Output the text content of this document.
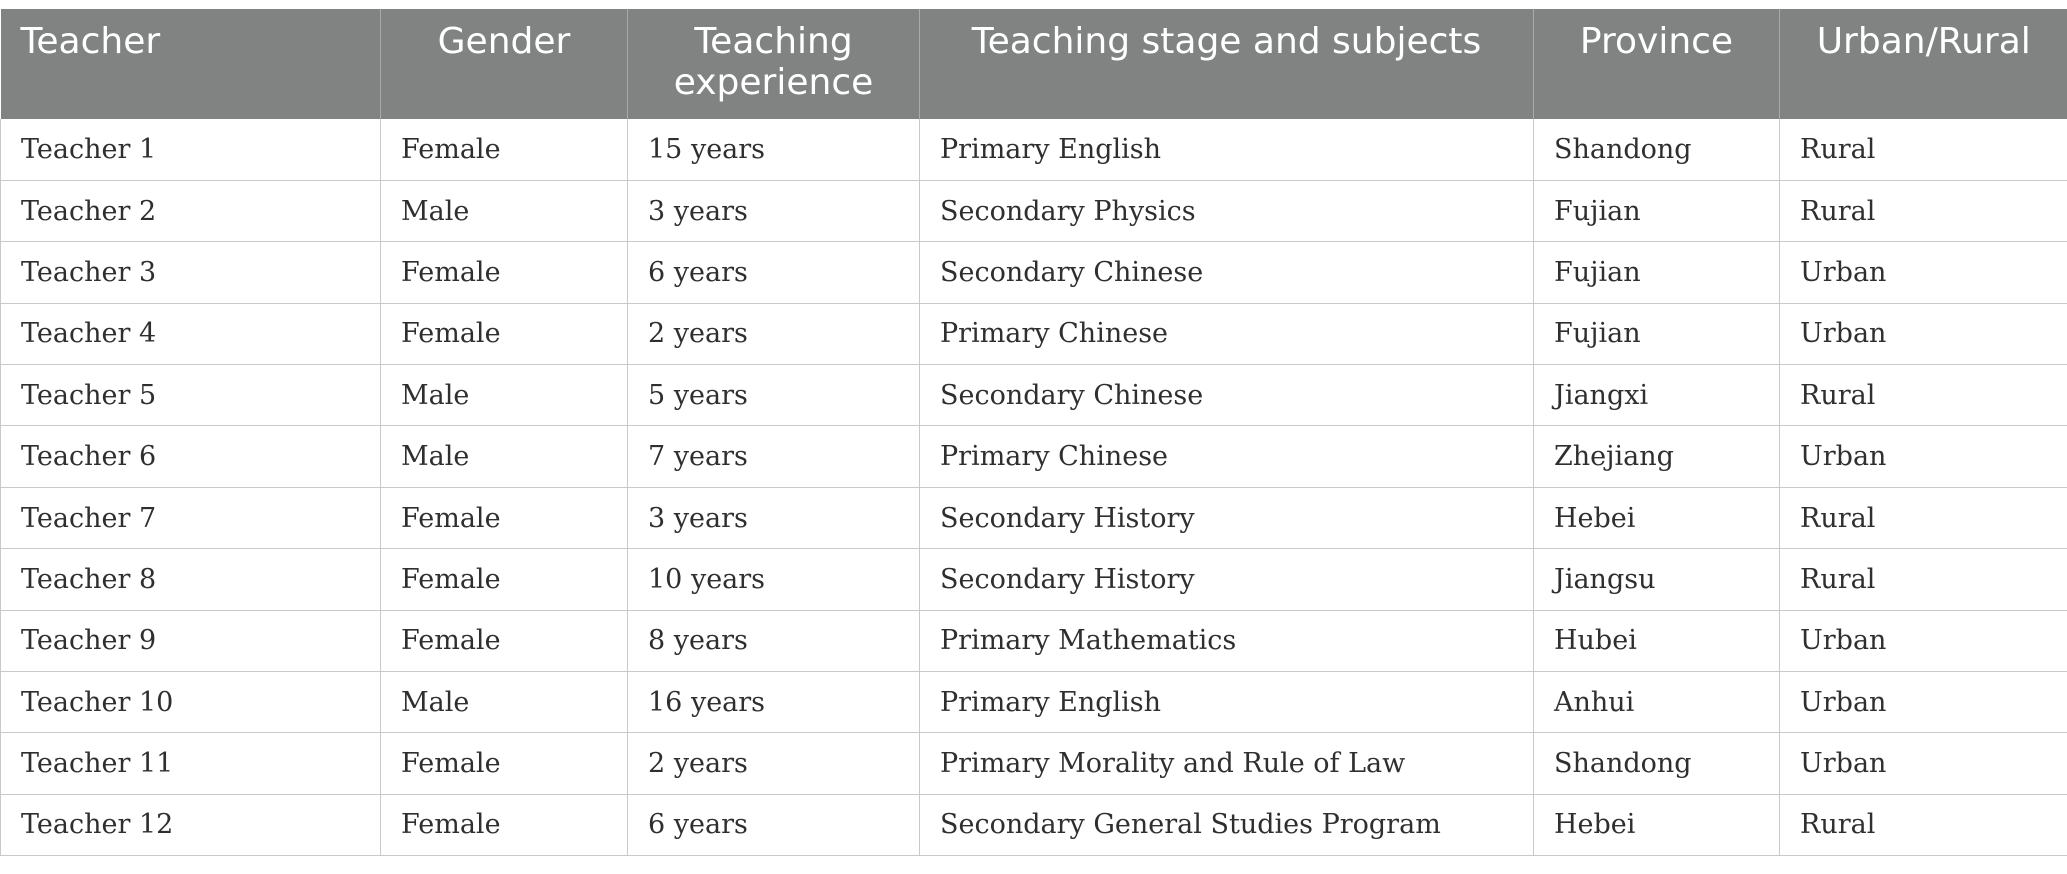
Teacher	Gender	Teaching experience	Teaching stage and subjects	Province	Urban/Rural
Teacher 1	Female	15 years	Primary English	Shandong	Rural
Teacher 2	Male	3 years	Secondary Physics	Fujian	Rural
Teacher 3	Female	6 years	Secondary Chinese	Fujian	Urban
Teacher 4	Female	2 years	Primary Chinese	Fujian	Urban
Teacher 5	Male	5 years	Secondary Chinese	Jiangxi	Rural
Teacher 6	Male	7 years	Primary Chinese	Zhejiang	Urban
Teacher 7	Female	3 years	Secondary History	Hebei	Rural
Teacher 8	Female	10 years	Secondary History	Jiangsu	Rural
Teacher 9	Female	8 years	Primary Mathematics	Hubei	Urban
Teacher 10	Male	16 years	Primary English	Anhui	Urban
Teacher 11	Female	2 years	Primary Morality and Rule of Law	Shandong	Urban
Teacher 12	Female	6 years	Secondary General Studies Program	Hebei	Rural
